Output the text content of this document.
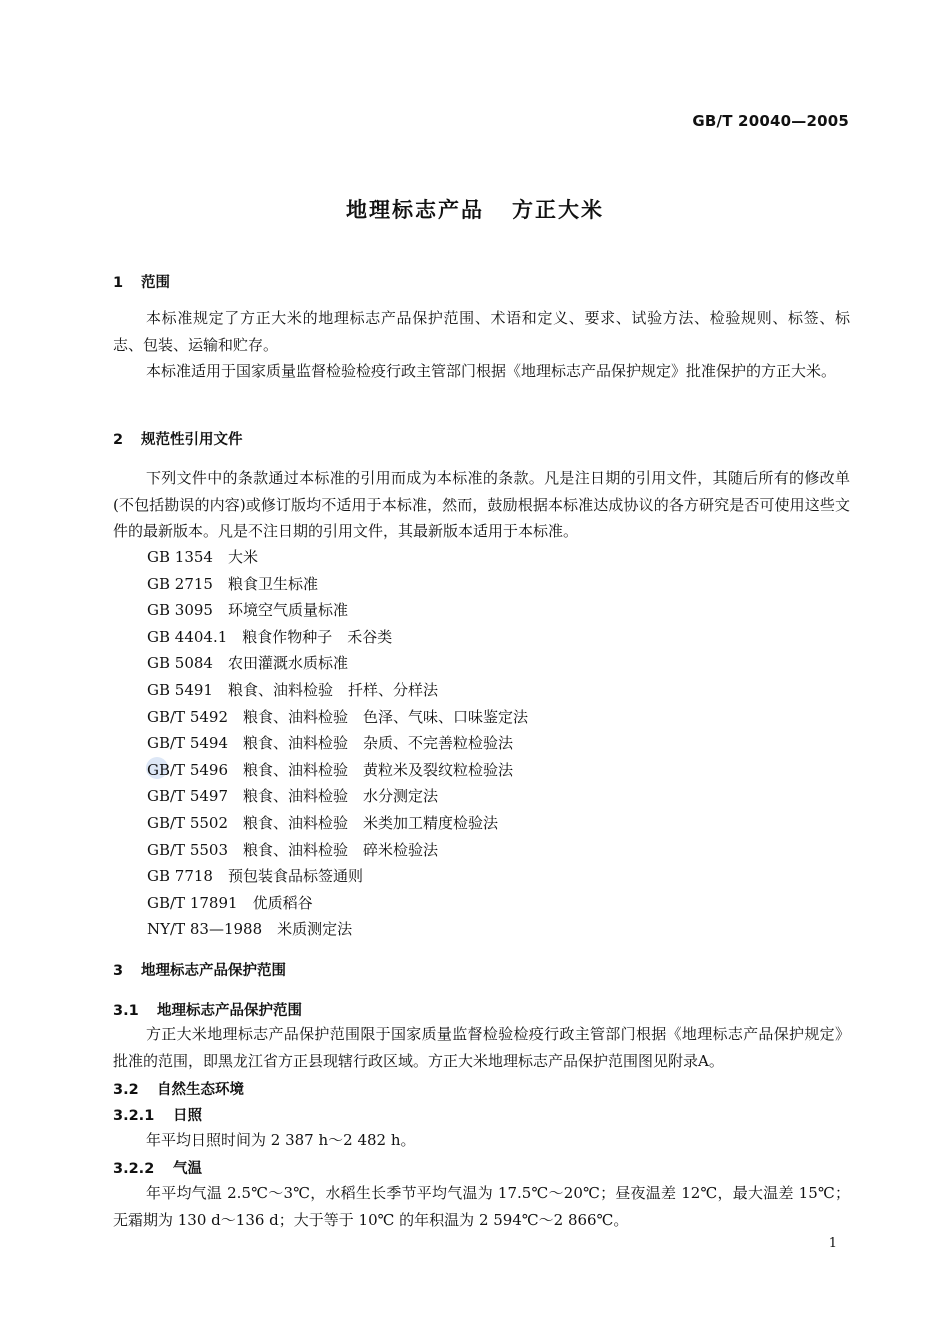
GB/T 20040—2005
地理标志产品 方正大米
1 范围
本标准规定了方正大米的地理标志产品保护范围、术语和定义、要求、试验方法、检验规则、标签、标志、包装、运输和贮存。
本标准适用于国家质量监督检验检疫行政主管部门根据《地理标志产品保护规定》批准保护的方正大米。
2 规范性引用文件
下列文件中的条款通过本标准的引用而成为本标准的条款。凡是注日期的引用文件，其随后所有的修改单(不包括勘误的内容)或修订版均不适用于本标准，然而，鼓励根据本标准达成协议的各方研究是否可使用这些文件的最新版本。凡是不注日期的引用文件，其最新版本适用于本标准。
GB 1354　 大米
GB 2715　 粮食卫生标准
GB 3095　 环境空气质量标准
GB 4404.1　 粮食作物种子　禾谷类
GB 5084　 农田灌溉水质标准
GB 5491　 粮食、油料检验　扦样、分样法
GB/T 5492　 粮食、油料检验　色泽、气味、口味鉴定法
GB/T 5494　 粮食、油料检验　杂质、不完善粒检验法
GB/T 5496　 粮食、油料检验　黄粒米及裂纹粒检验法
GB/T 5497　 粮食、油料检验　水分测定法
GB/T 5502　 粮食、油料检验　米类加工精度检验法
GB/T 5503　 粮食、油料检验　碎米检验法
GB 7718　 预包装食品标签通则
GB/T 17891　 优质稻谷
NY/T 83—1988　 米质测定法
3 地理标志产品保护范围
3.1 地理标志产品保护范围
方正大米地理标志产品保护范围限于国家质量监督检验检疫行政主管部门根据《地理标志产品保护规定》批准的范围，即黑龙江省方正县现辖行政区域。方正大米地理标志产品保护范围图见附录A。
3.2 自然生态环境
3.2.1 日照
年平均日照时间为 2 387 h～2 482 h。
3.2.2 气温
年平均气温 2.5℃～3℃，水稻生长季节平均气温为 17.5℃～20℃；昼夜温差 12℃，最大温差 15℃；无霜期为 130 d～136 d；大于等于 10℃ 的年积温为 2 594℃～2 866℃。
1
